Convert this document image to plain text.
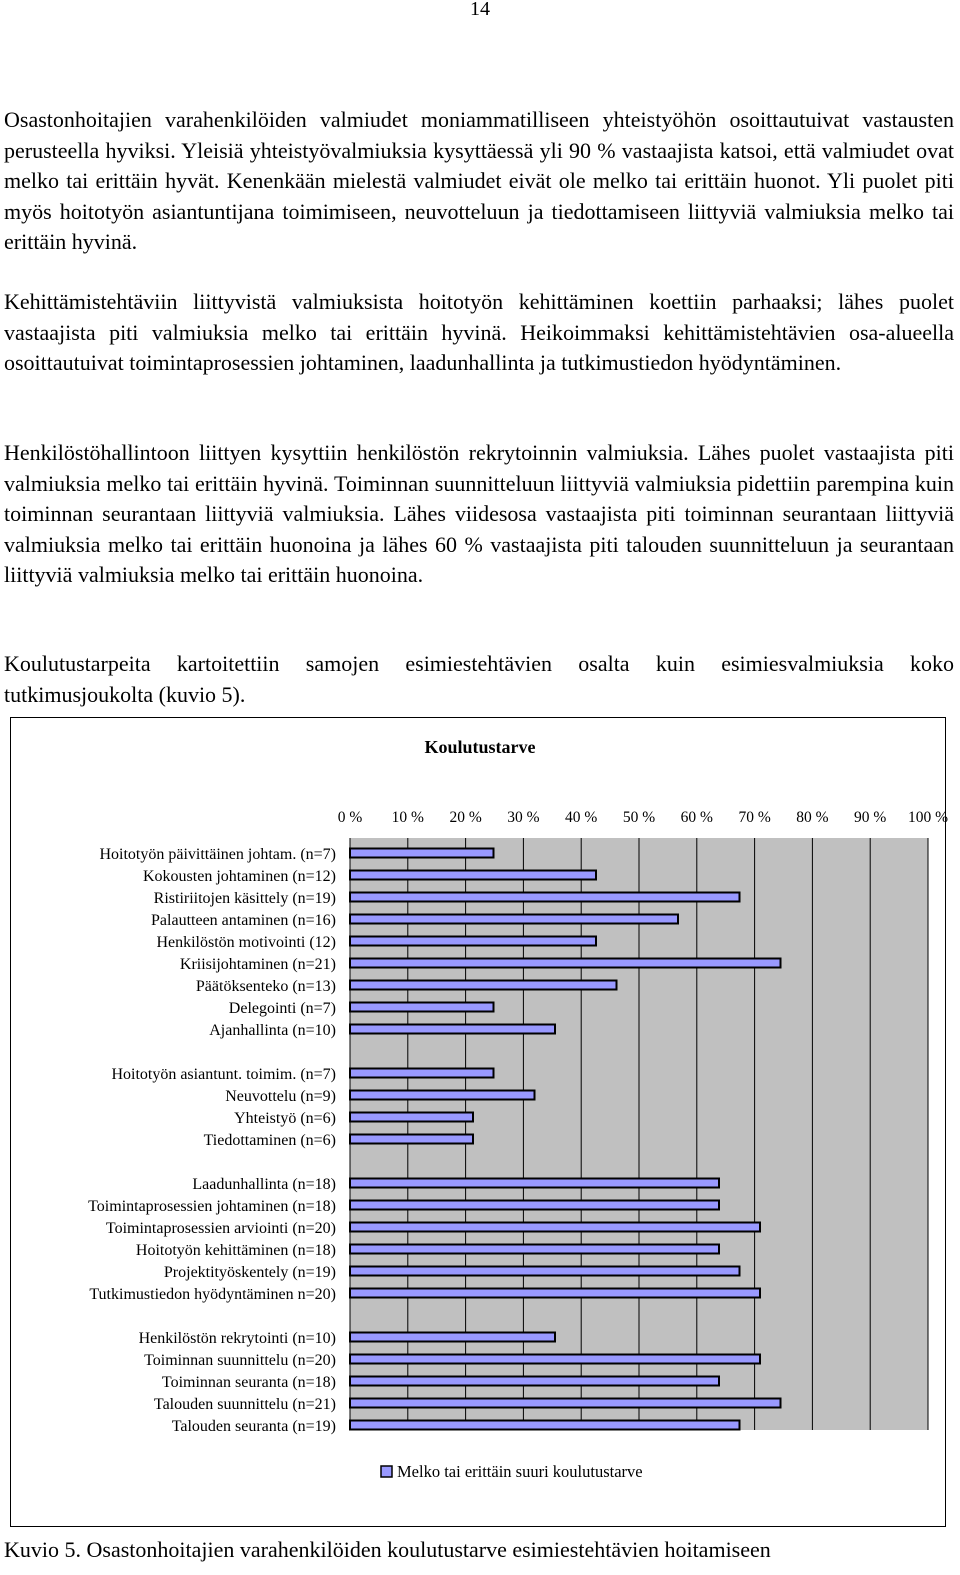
14

Osastonhoitajien varahenkilöiden valmiudet moniammatilliseen yhteistyöhön osoittautuivat vastausten perusteella hyviksi. Yleisiä yhteistyövalmiuksia kysyttäessä yli 90 % vastaajista katsoi, että valmiudet ovat melko tai erittäin hyvät. Kenenkään mielestä valmiudet eivät ole melko tai erittäin huonot. Yli puolet piti myös hoitotyön asiantuntijana toimimiseen, neuvotteluun ja tiedottamiseen liittyviä valmiuksia melko tai erittäin hyvinä.

Kehittämistehtäviin liittyvistä valmiuksista hoitotyön kehittäminen koettiin parhaaksi; lähes puolet vastaajista piti valmiuksia melko tai erittäin hyvinä. Heikoimmaksi kehittämistehtävien osa-alueella osoittautuivat toimintaprosessien johtaminen, laadunhallinta ja tutkimustiedon hyödyntäminen.

Henkilöstöhallintoon liittyen kysyttiin henkilöstön rekrytoinnin valmiuksia. Lähes puolet vastaajista piti valmiuksia melko tai erittäin hyvinä. Toiminnan suunnitteluun liittyviä valmiuksia pidettiin parempina kuin toiminnan seurantaan liittyviä valmiuksia. Lähes viidesosa vastaajista piti toiminnan seurantaan liittyviä valmiuksia melko tai erittäin huonoina ja lähes 60 % vastaajista piti talouden suunnitteluun ja seurantaan liittyviä valmiuksia melko tai erittäin huonoina.

Koulutustarpeita kartoitettiin samojen esimiestehtävien osalta kuin esimiesvalmiuksia koko tutkimusjoukolta (kuvio 5).

Koulutustarve
0 % 10 % 20 % 30 % 40 % 50 % 60 % 70 % 80 % 90 % 100 %
Hoitotyön päivittäinen johtam. (n=7)
Kokousten johtaminen (n=12)
Ristiriitojen käsittely (n=19)
Palautteen antaminen (n=16)
Henkilöstön motivointi (12)
Kriisijohtaminen (n=21)
Päätöksenteko (n=13)
Delegointi (n=7)
Ajanhallinta (n=10)
Hoitotyön asiantunt. toimim. (n=7)
Neuvottelu (n=9)
Yhteistyö (n=6)
Tiedottaminen (n=6)
Laadunhallinta (n=18)
Toimintaprosessien johtaminen (n=18)
Toimintaprosessien arviointi (n=20)
Hoitotyön kehittäminen (n=18)
Projektityöskentely (n=19)
Tutkimustiedon hyödyntäminen n=20)
Henkilöstön rekrytointi (n=10)
Toiminnan suunnittelu (n=20)
Toiminnan seuranta (n=18)
Talouden suunnittelu (n=21)
Talouden seuranta (n=19)
Melko tai erittäin suuri koulutustarve

Kuvio 5. Osastonhoitajien varahenkilöiden koulutustarve esimiestehtävien hoitamiseen
